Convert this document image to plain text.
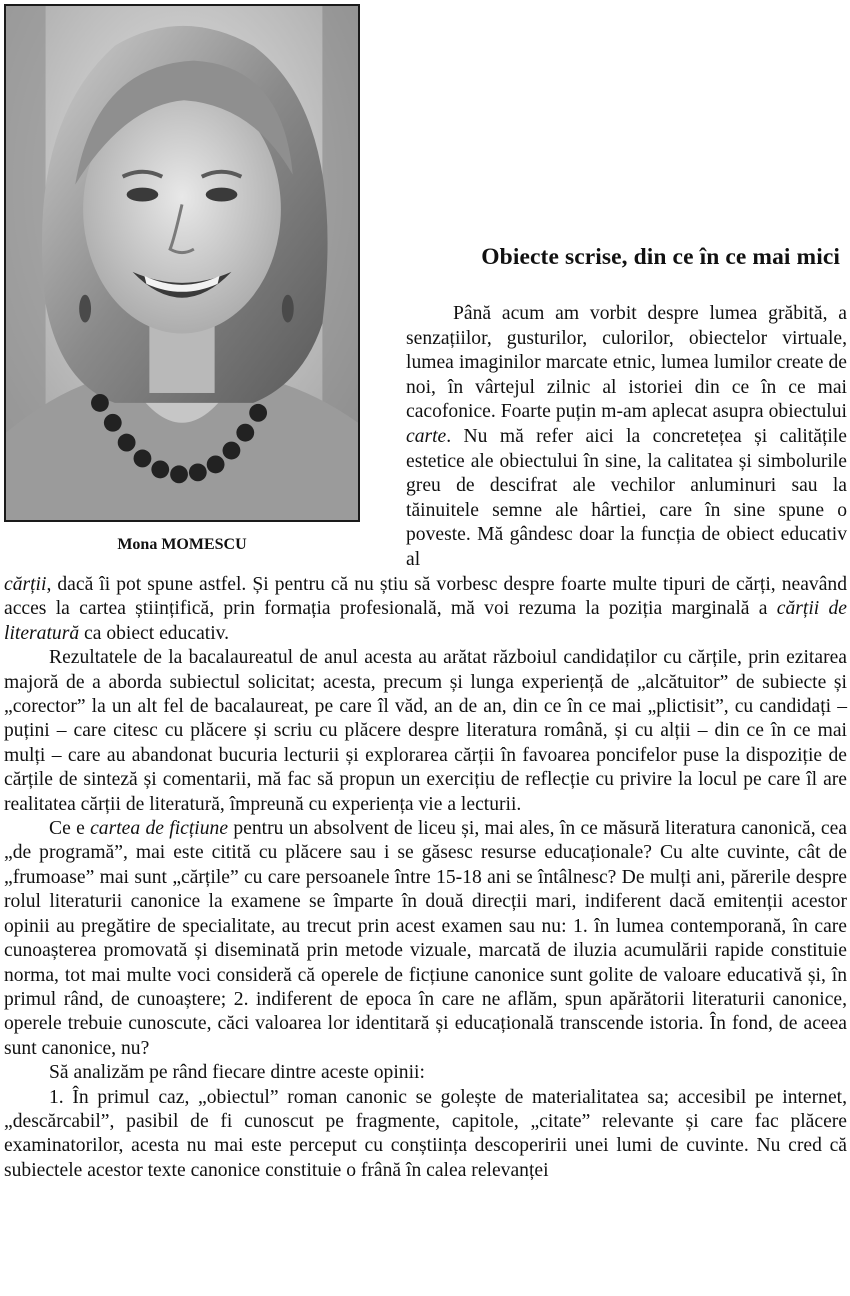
Mona MOMESCU
Obiecte scrise, din ce în ce mai mici

Până acum am vorbit despre lumea grăbită, a senzațiilor, gusturilor, culorilor, obiectelor virtuale, lumea imaginilor marcate etnic, lumea lumilor create de noi, în vârtejul zilnic al istoriei din ce în ce mai cacofonice. Foarte puțin m-am aplecat asupra obiectului carte. Nu mă refer aici la concretețea și calitățile estetice ale obiectului în sine, la calitatea și simbolurile greu de descifrat ale vechilor anluminuri sau la tăinuitele semne ale hârtiei, care în sine spune o poveste. Mă gândesc doar la funcția de obiect educativ al

cărții, dacă îi pot spune astfel. Și pentru că nu știu să vorbesc despre foarte multe tipuri de cărți, neavând acces la cartea științifică, prin formația profesională, mă voi rezuma la poziția marginală a cărții de literatură ca obiect educativ.

Rezultatele de la bacalaureatul de anul acesta au arătat războiul candidaților cu cărțile, prin ezitarea majoră de a aborda subiectul solicitat; acesta, precum și lunga experiență de „alcătuitor” de subiecte și „corector” la un alt fel de bacalaureat, pe care îl văd, an de an, din ce în ce mai „plictisit”, cu candidați – puțini – care citesc cu plăcere și scriu cu plăcere despre literatura română, și cu alții – din ce în ce mai mulți – care au abandonat bucuria lecturii și explorarea cărții în favoarea poncifelor puse la dispoziție de cărțile de sinteză și comentarii, mă fac să propun un exercițiu de reflecție cu privire la locul pe care îl are realitatea cărții de literatură, împreună cu experiența vie a lecturii.

Ce e cartea de ficțiune pentru un absolvent de liceu și, mai ales, în ce măsură literatura canonică, cea „de programă”, mai este citită cu plăcere sau i se găsesc resurse educaționale? Cu alte cuvinte, cât de „frumoase” mai sunt „cărțile” cu care persoanele între 15-18 ani se întâlnesc? De mulți ani, părerile despre rolul literaturii canonice la examene se împarte în două direcții mari, indiferent dacă emitenții acestor opinii au pregătire de specialitate, au trecut prin acest examen sau nu: 1. în lumea contemporană, în care cunoașterea promovată și diseminată prin metode vizuale, marcată de iluzia acumulării rapide constituie norma, tot mai multe voci consideră că operele de ficțiune canonice sunt golite de valoare educativă și, în primul rând, de cunoaștere; 2. indiferent de epoca în care ne aflăm, spun apărătorii literaturii canonice, operele trebuie cunoscute, căci valoarea lor identitară și educațională transcende istoria. În fond, de aceea sunt canonice, nu?

Să analizăm pe rând fiecare dintre aceste opinii:

1. În primul caz, „obiectul” roman canonic se golește de materialitatea sa; accesibil pe internet, „descărcabil”, pasibil de fi cunoscut pe fragmente, capitole, „citate” relevante și care fac plăcere examinatorilor, acesta nu mai este perceput cu conștiința descoperirii unei lumi de cuvinte. Nu cred că subiectele acestor texte canonice constituie o frână în calea relevanței
